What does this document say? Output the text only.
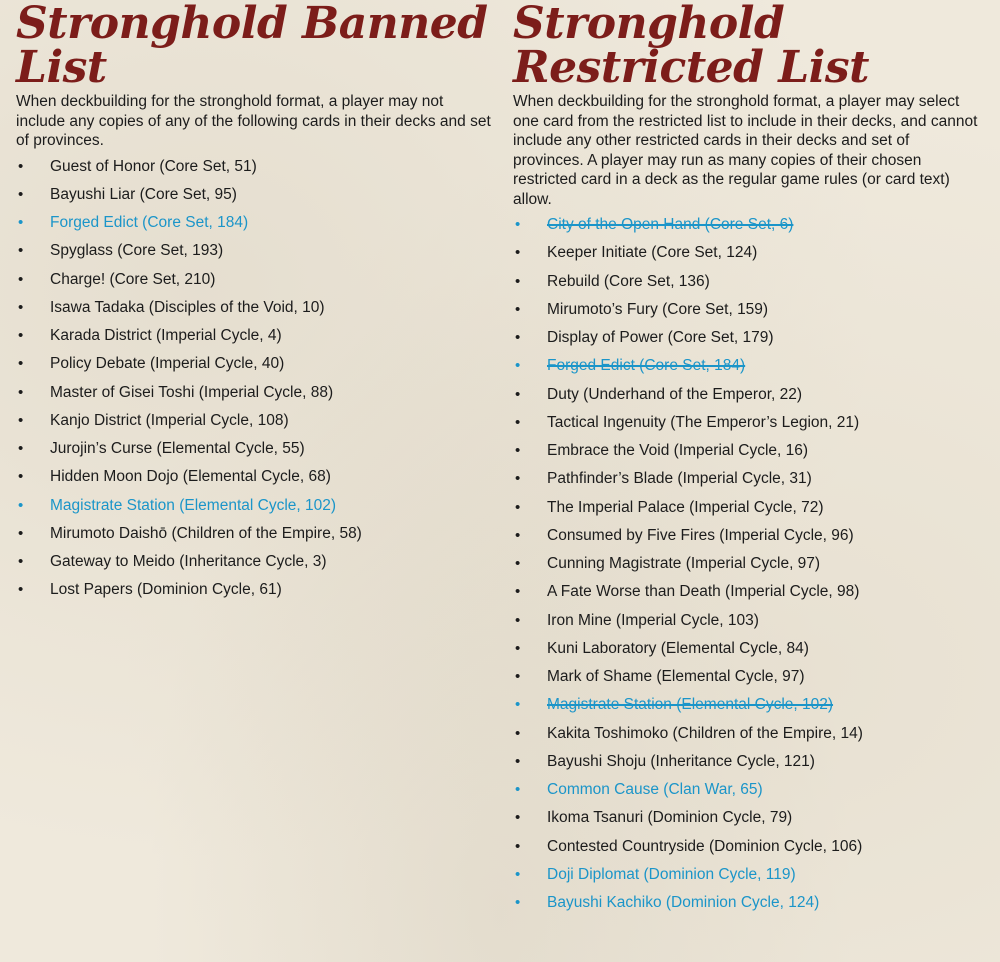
Stronghold Banned List

When deckbuilding for the stronghold format, a player may not include any copies of any of the following cards in their decks and set of provinces.

• Guest of Honor (Core Set, 51)
• Bayushi Liar (Core Set, 95)
• Forged Edict (Core Set, 184)
• Spyglass (Core Set, 193)
• Charge! (Core Set, 210)
• Isawa Tadaka (Disciples of the Void, 10)
• Karada District (Imperial Cycle, 4)
• Policy Debate (Imperial Cycle, 40)
• Master of Gisei Toshi (Imperial Cycle, 88)
• Kanjo District (Imperial Cycle, 108)
• Jurojin’s Curse (Elemental Cycle, 55)
• Hidden Moon Dojo (Elemental Cycle, 68)
• Magistrate Station (Elemental Cycle, 102)
• Mirumoto Daishō (Children of the Empire, 58)
• Gateway to Meido (Inheritance Cycle, 3)
• Lost Papers (Dominion Cycle, 61)
Stronghold Restricted List

When deckbuilding for the stronghold format, a player may select one card from the restricted list to include in their decks, and cannot include any other restricted cards in their decks and set of provinces. A player may run as many copies of their chosen restricted card in a deck as the regular game rules (or card text) allow.

• City of the Open Hand (Core Set, 6)
• Keeper Initiate (Core Set, 124)
• Rebuild (Core Set, 136)
• Mirumoto’s Fury (Core Set, 159)
• Display of Power (Core Set, 179)
• Forged Edict (Core Set, 184)
• Duty (Underhand of the Emperor, 22)
• Tactical Ingenuity (The Emperor’s Legion, 21)
• Embrace the Void (Imperial Cycle, 16)
• Pathfinder’s Blade (Imperial Cycle, 31)
• The Imperial Palace (Imperial Cycle, 72)
• Consumed by Five Fires (Imperial Cycle, 96)
• Cunning Magistrate (Imperial Cycle, 97)
• A Fate Worse than Death (Imperial Cycle, 98)
• Iron Mine (Imperial Cycle, 103)
• Kuni Laboratory (Elemental Cycle, 84)
• Mark of Shame (Elemental Cycle, 97)
• Magistrate Station (Elemental Cycle, 102)
• Kakita Toshimoko (Children of the Empire, 14)
• Bayushi Shoju (Inheritance Cycle, 121)
• Common Cause (Clan War, 65)
• Ikoma Tsanuri (Dominion Cycle, 79)
• Contested Countryside (Dominion Cycle, 106)
• Doji Diplomat (Dominion Cycle, 119)
• Bayushi Kachiko (Dominion Cycle, 124)
